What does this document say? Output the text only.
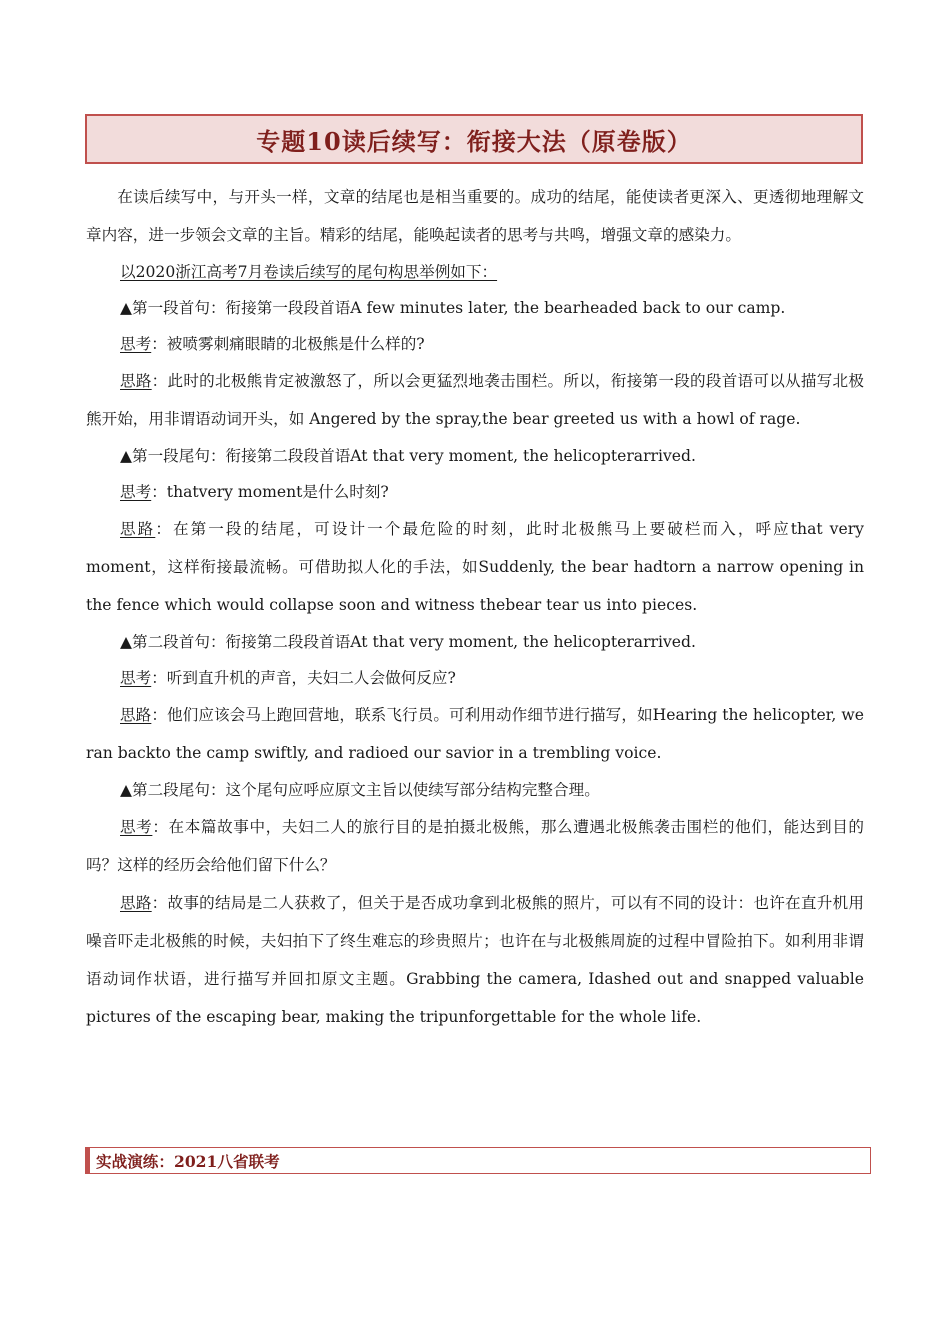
专题10读后续写：衔接大法（原卷版）

在读后续写中，与开头一样，文章的结尾也是相当重要的。成功的结尾，能使读者更深入、更透彻地理解文章内容，进一步领会文章的主旨。精彩的结尾，能唤起读者的思考与共鸣，增强文章的感染力。

以2020浙江高考7月卷读后续写的尾句构思举例如下：

▲第一段首句：衔接第一段段首语A few minutes later, the bearheaded back to our camp.

思考：被喷雾刺痛眼睛的北极熊是什么样的?

思路：此时的北极熊肯定被激怒了，所以会更猛烈地袭击围栏。所以，衔接第一段的段首语可以从描写北极熊开始，用非谓语动词开头，如 Angered by the spray,the bear greeted us with a howl of rage.

▲第一段尾句：衔接第二段段首语At that very moment, the helicopterarrived.

思考：thatvery moment是什么时刻?

思路：在第一段的结尾，可设计一个最危险的时刻，此时北极熊马上要破栏而入，呼应that very moment，这样衔接最流畅。可借助拟人化的手法，如Suddenly, the bear hadtorn a narrow opening in the fence which would collapse soon and witness thebear tear us into pieces.

▲第二段首句：衔接第二段段首语At that very moment, the helicopterarrived.

思考：听到直升机的声音，夫妇二人会做何反应?

思路：他们应该会马上跑回营地，联系飞行员。可利用动作细节进行描写，如Hearing the helicopter, we ran backto the camp swiftly, and radioed our savior in a trembling voice.

▲第二段尾句：这个尾句应呼应原文主旨以使续写部分结构完整合理。

思考：在本篇故事中，夫妇二人的旅行目的是拍摄北极熊，那么遭遇北极熊袭击围栏的他们，能达到目的吗？这样的经历会给他们留下什么？

思路：故事的结局是二人获救了，但关于是否成功拿到北极熊的照片，可以有不同的设计：也许在直升机用噪音吓走北极熊的时候，夫妇拍下了终生难忘的珍贵照片；也许在与北极熊周旋的过程中冒险拍下。如利用非谓语动词作状语，进行描写并回扣原文主题。Grabbing the camera, Idashed out and snapped valuable pictures of the escaping bear, making the tripunforgettable for the whole life.

实战演练：2021八省联考
